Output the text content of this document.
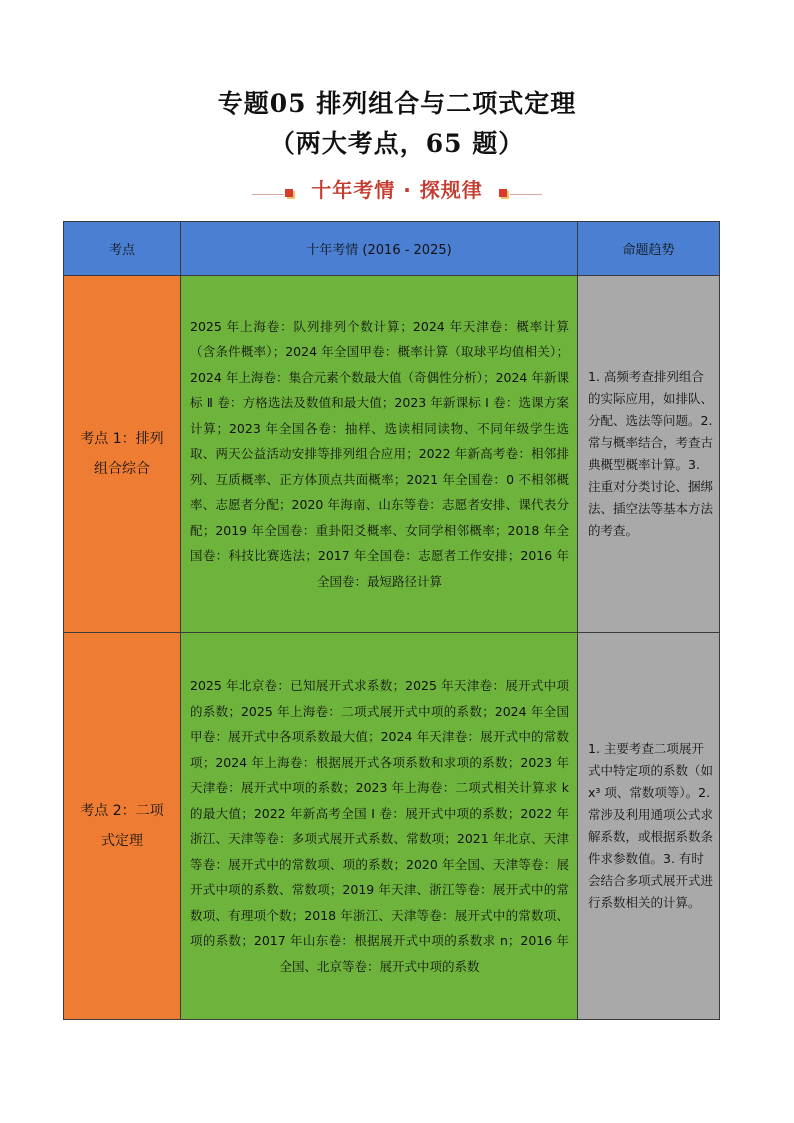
专题05 排列组合与二项式定理
（两大考点，65 题）
十年考情 · 探规律
考点	十年考情 (2016 - 2025)	命题趋势
考点 1：排列组合综合	2025 年上海卷：队列排列个数计算；2024 年天津卷：概率计算（含条件概率）；2024 年全国甲卷：概率计算（取球平均值相关）；2024 年上海卷：集合元素个数最大值（奇偶性分析）；2024 年新课标 Ⅱ 卷：方格选法及数值和最大值；2023 年新课标 Ⅰ 卷：选课方案计算；2023 年全国各卷：抽样、选读相同读物、不同年级学生选取、两天公益活动安排等排列组合应用；2022 年新高考卷：相邻排列、互质概率、正方体顶点共面概率；2021 年全国卷：0 不相邻概率、志愿者分配；2020 年海南、山东等卷：志愿者安排、课代表分配；2019 年全国卷：重卦阳爻概率、女同学相邻概率；2018 年全国卷：科技比赛选法；2017 年全国卷：志愿者工作安排；2016 年全国卷：最短路径计算	1. 高频考查排列组合的实际应用，如排队、分配、选法等问题。2. 常与概率结合，考查古典概型概率计算。3. 注重对分类讨论、捆绑法、插空法等基本方法的考查。

考点 2：二项式定理	2025 年北京卷：已知展开式求系数；2025 年天津卷：展开式中项的系数；2025 年上海卷：二项式展开式中项的系数；2024 年全国甲卷：展开式中各项系数最大值；2024 年天津卷：展开式中的常数项；2024 年上海卷：根据展开式各项系数和求项的系数；2023 年天津卷：展开式中项的系数；2023 年上海卷：二项式相关计算求 k 的最大值；2022 年新高考全国 Ⅰ 卷：展开式中项的系数；2022 年浙江、天津等卷：多项式展开式系数、常数项；2021 年北京、天津等卷：展开式中的常数项、项的系数；2020 年全国、天津等卷：展开式中项的系数、常数项；2019 年天津、浙江等卷：展开式中的常数项、有理项个数；2018 年浙江、天津等卷：展开式中的常数项、项的系数；2017 年山东卷：根据展开式中项的系数求 n；2016 年全国、北京等卷：展开式中项的系数	1. 主要考查二项展开式中特定项的系数（如 x³ 项、常数项等）。2. 常涉及利用通项公式求解系数，或根据系数条件求参数值。3. 有时会结合多项式展开式进行系数相关的计算。
